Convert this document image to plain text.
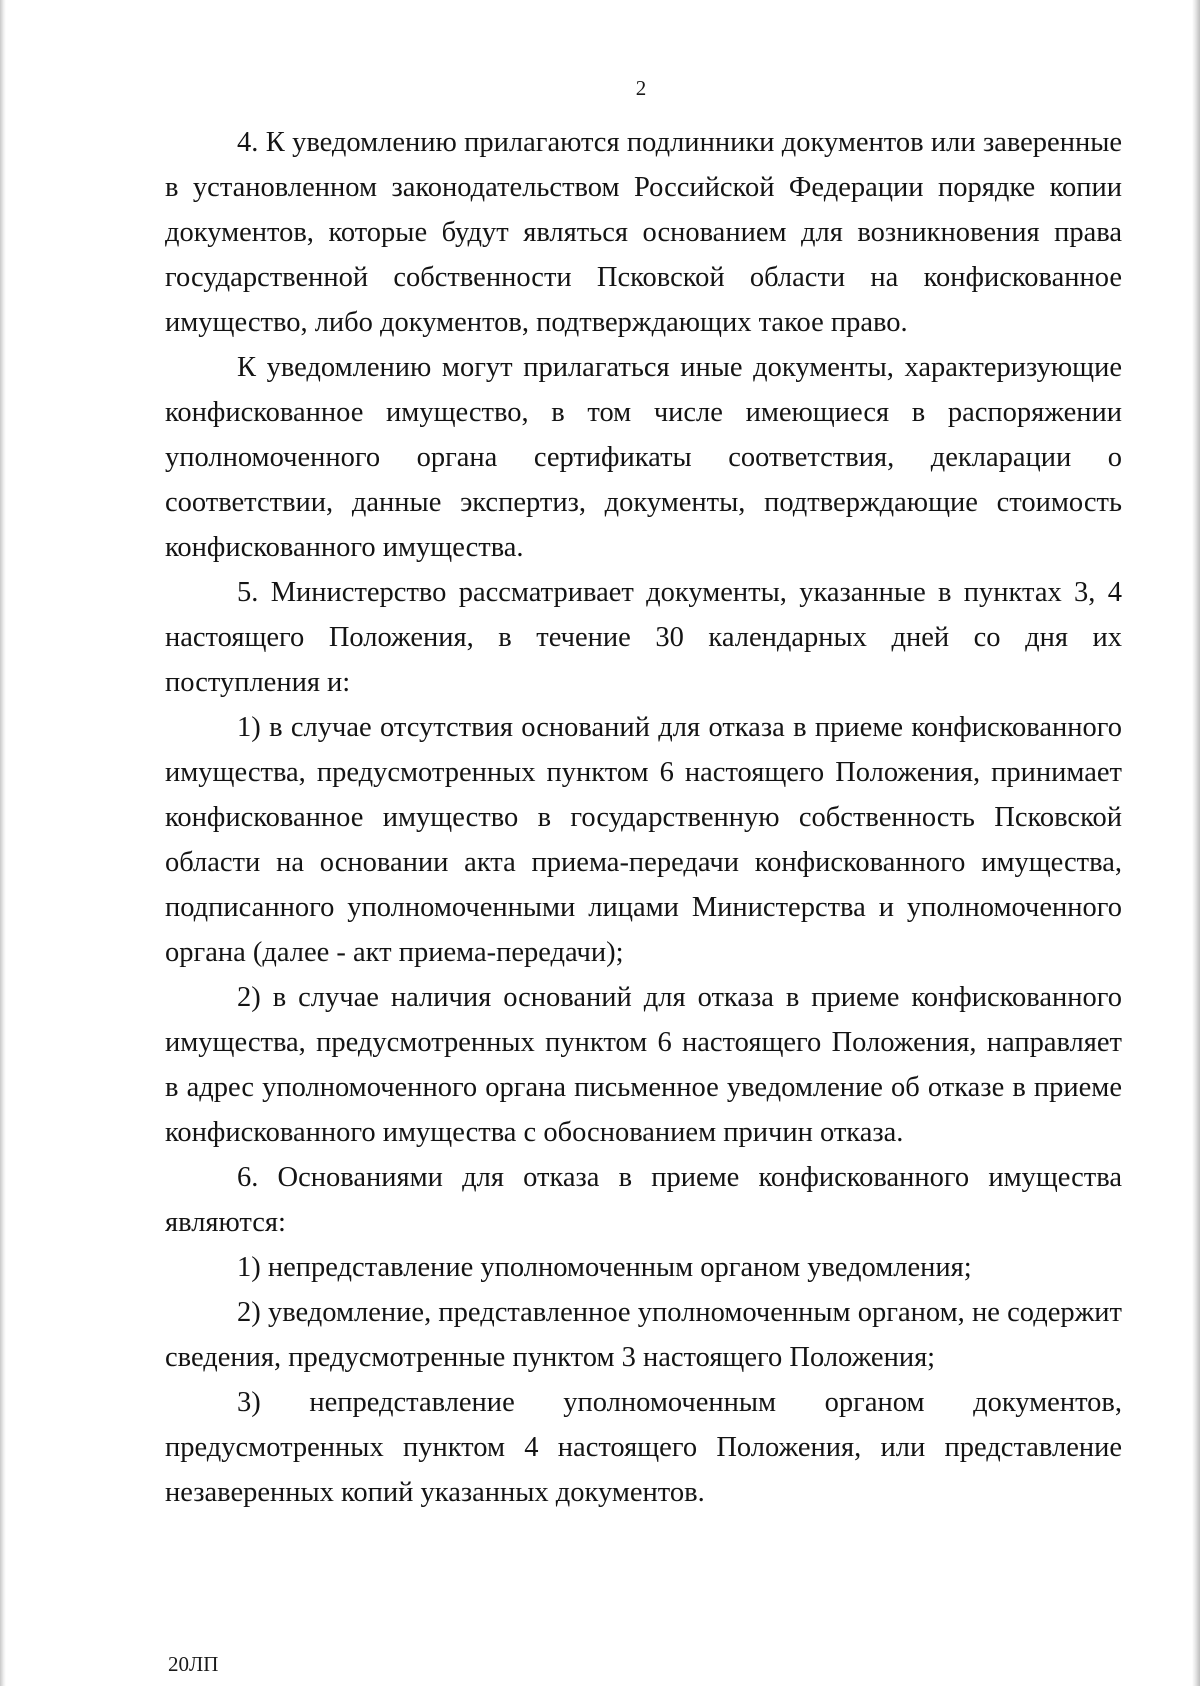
2

4. К уведомлению прилагаются подлинники документов или заверенные в установленном законодательством Российской Федерации порядке копии документов, которые будут являться основанием для возникновения права государственной собственности Псковской области на конфискованное имущество, либо документов, подтверждающих такое право.

К уведомлению могут прилагаться иные документы, характеризующие конфискованное имущество, в том числе имеющиеся в распоряжении уполномоченного органа сертификаты соответствия, декларации о соответствии, данные экспертиз, документы, подтверждающие стоимость конфискованного имущества.

5. Министерство рассматривает документы, указанные в пунктах 3, 4 настоящего Положения, в течение 30 календарных дней со дня их поступления и:

1) в случае отсутствия оснований для отказа в приеме конфискованного имущества, предусмотренных пунктом 6 настоящего Положения, принимает конфискованное имущество в государственную собственность Псковской области на основании акта приема-передачи конфискованного имущества, подписанного уполномоченными лицами Министерства и уполномоченного органа (далее - акт приема-передачи);

2) в случае наличия оснований для отказа в приеме конфискованного имущества, предусмотренных пунктом 6 настоящего Положения, направляет в адрес уполномоченного органа письменное уведомление об отказе в приеме конфискованного имущества с обоснованием причин отказа.

6. Основаниями для отказа в приеме конфискованного имущества являются:

1) непредставление уполномоченным органом уведомления;

2) уведомление, представленное уполномоченным органом, не содержит сведения, предусмотренные пунктом 3 настоящего Положения;

3) непредставление уполномоченным органом документов, предусмотренных пунктом 4 настоящего Положения, или представление незаверенных копий указанных документов.

20ЛП
